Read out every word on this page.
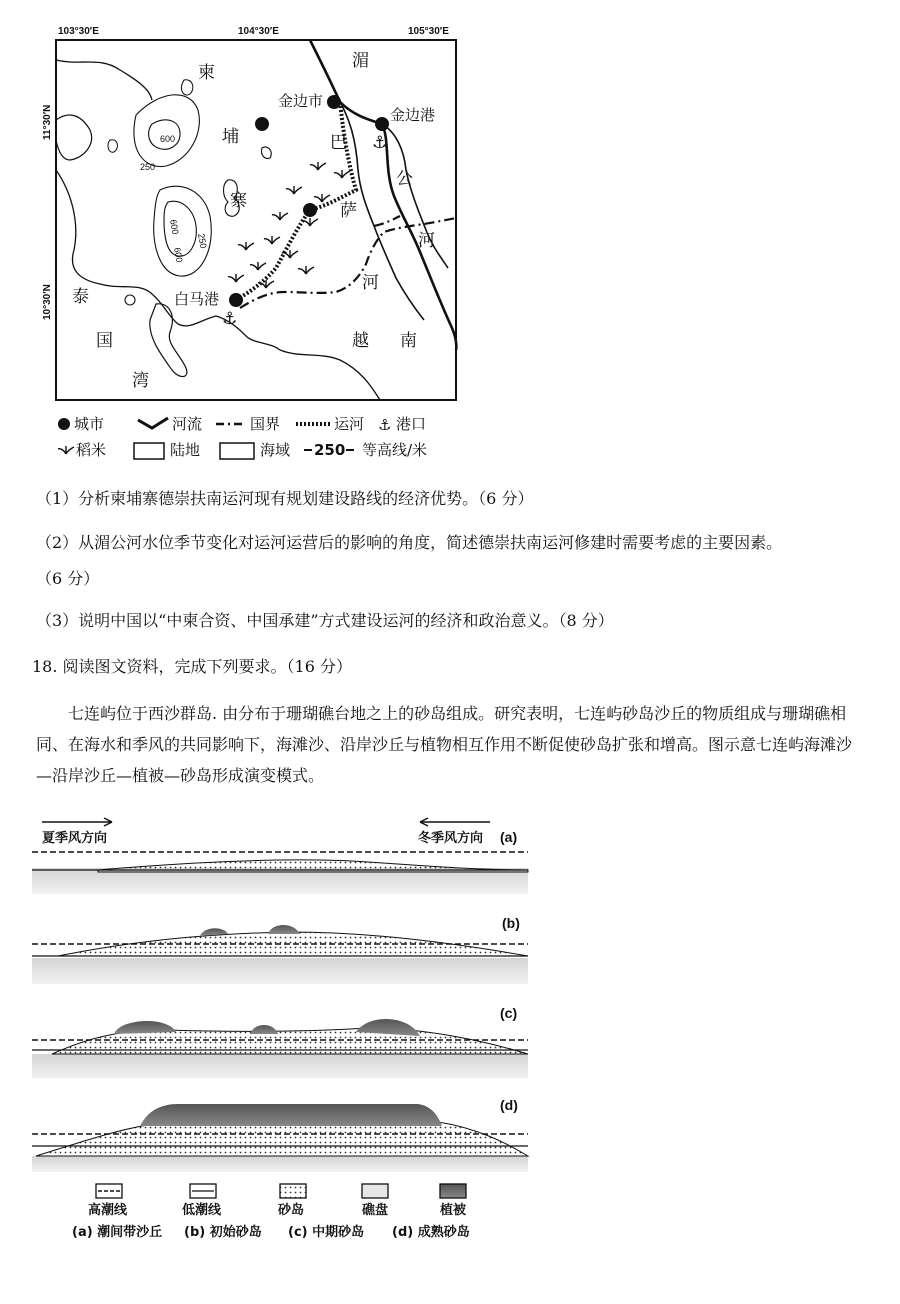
103°30′E	104°30′E	105°30′E
11°30′N
10°30′N
600
250
600
250
600
柬
埔
寨
泰
国
湾
湄
公
河
巴
萨
河
越 南
金边市
金边港
⚓
白马港
⚓
城市	河流	国界	运河 ⚓ 港口
稻米	陆地	海域 250 等高线/米
（1）分析柬埔寨德崇扶南运河现有规划建设路线的经济优势。（6 分）
（2）从湄公河水位季节变化对运河运营后的影响的角度，简述德崇扶南运河修建时需要考虑的主要因素。
（6 分）
（3）说明中国以“中柬合资、中国承建”方式建设运河的经济和政治意义。（8 分）
18. 阅读图文资料，完成下列要求。（16 分）
七连屿位于西沙群岛. 由分布于珊瑚礁台地之上的砂岛组成。研究表明，七连屿砂岛沙丘的物质组成与珊瑚礁相同、在海水和季风的共同影响下，海滩沙、沿岸沙丘与植物相互作用不断促使砂岛扩张和增高。图示意七连屿海滩沙—沿岸沙丘—植被—砂岛形成演变模式。
夏季风方向	冬季风方向 (a)
(b)
(c)
(d)
高潮线	低潮线	砂岛	礁盘	植被
(a) 潮间带沙丘 (b) 初始砂岛 (c) 中期砂岛 (d) 成熟砂岛
